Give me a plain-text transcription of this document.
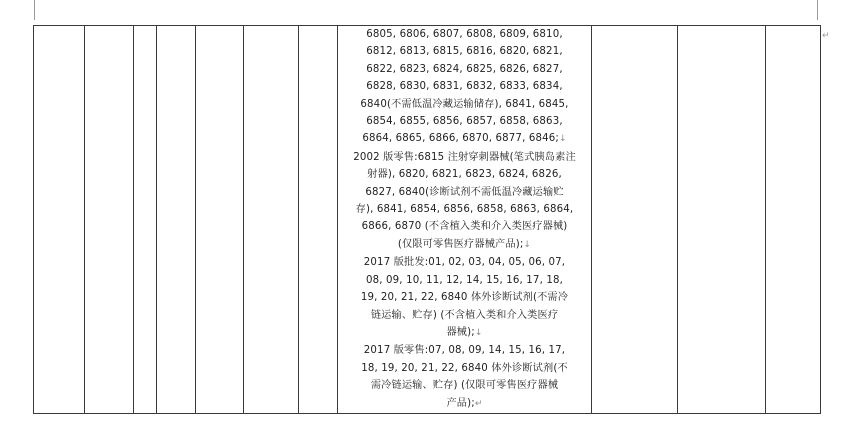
6805, 6806, 6807, 6808, 6809, 6810,
6812, 6813, 6815, 6816, 6820, 6821,
6822, 6823, 6824, 6825, 6826, 6827,
6828, 6830, 6831, 6832, 6833, 6834,
6840(不需低温冷藏运输储存), 6841, 6845,
6854, 6855, 6856, 6857, 6858, 6863,
6864, 6865, 6866, 6870, 6877, 6846;↓
2002 版零售:6815 注射穿刺器械(笔式胰岛素注
射器), 6820, 6821, 6823, 6824, 6826,
6827, 6840(诊断试剂不需低温冷藏运输贮
存), 6841, 6854, 6856, 6858, 6863, 6864,
6866, 6870 (不含植入类和介入类医疗器械)
(仅限可零售医疗器械产品);↓
2017 版批发:01, 02, 03, 04, 05, 06, 07,
08, 09, 10, 11, 12, 14, 15, 16, 17, 18,
19, 20, 21, 22, 6840 体外诊断试剂(不需冷
链运输、贮存) (不含植入类和介入类医疗
器械);↓
2017 版零售:07, 08, 09, 14, 15, 16, 17,
18, 19, 20, 21, 22, 6840 体外诊断试剂(不
需冷链运输、贮存) (仅限可零售医疗器械
产品);↵

↵
